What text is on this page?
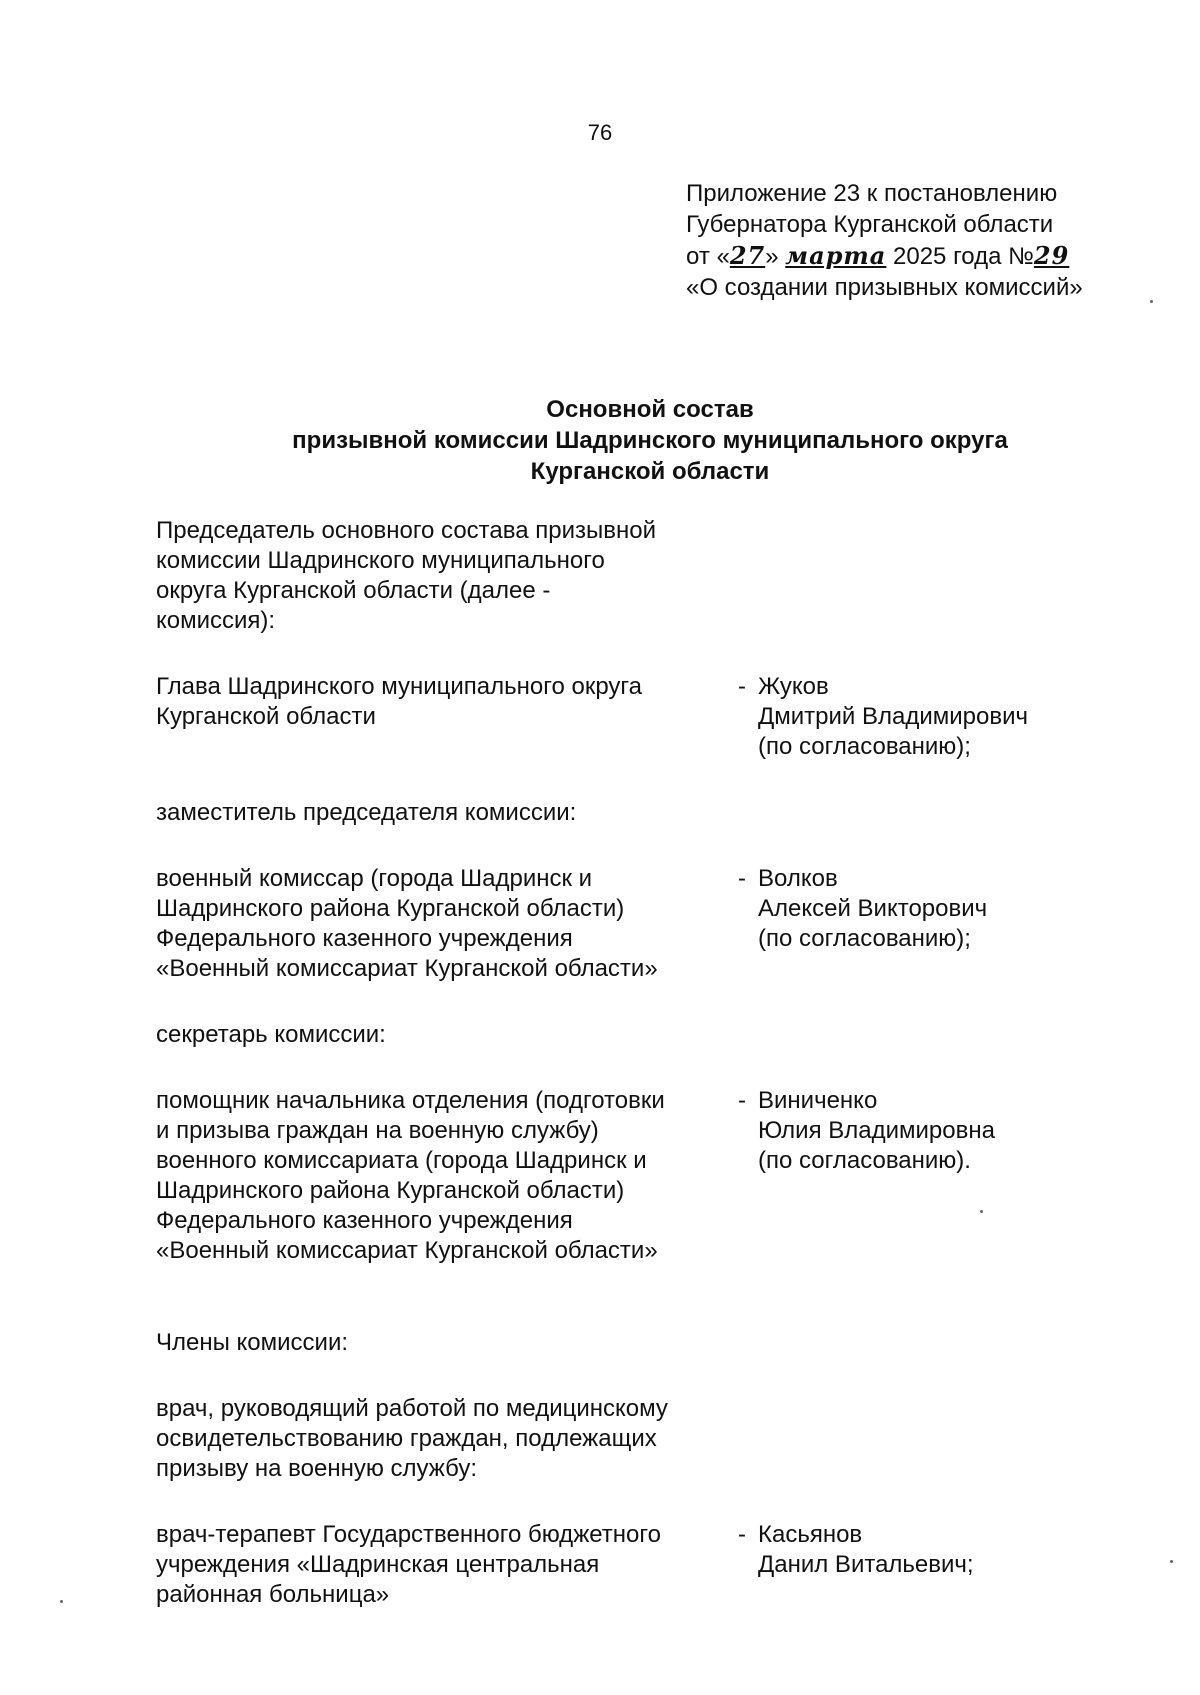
76
Приложение 23 к постановлению
Губернатора Курганской области
от «27» марта 2025 года №29
«О создании призывных комиссий»
Основной состав
призывной комиссии Шадринского муниципального округа
Курганской области
Председатель основного состава призывной
комиссии Шадринского муниципального
округа Курганской области (далее -
комиссия):
Глава Шадринского муниципального округа
Курганской области
- Жуков
Дмитрий Владимирович
(по согласованию);
заместитель председателя комиссии:
военный комиссар (города Шадринск и
Шадринского района Курганской области)
Федерального казенного учреждения
«Военный комиссариат Курганской области»
- Волков
Алексей Викторович
(по согласованию);
секретарь комиссии:
помощник начальника отделения (подготовки
и призыва граждан на военную службу)
военного комиссариата (города Шадринск и
Шадринского района Курганской области)
Федерального казенного учреждения
«Военный комиссариат Курганской области»
- Виниченко
Юлия Владимировна
(по согласованию).
Члены комиссии:
врач, руководящий работой по медицинскому
освидетельствованию граждан, подлежащих
призыву на военную службу:
врач-терапевт Государственного бюджетного
учреждения «Шадринская центральная
районная больница»
- Касьянов
Данил Витальевич;
